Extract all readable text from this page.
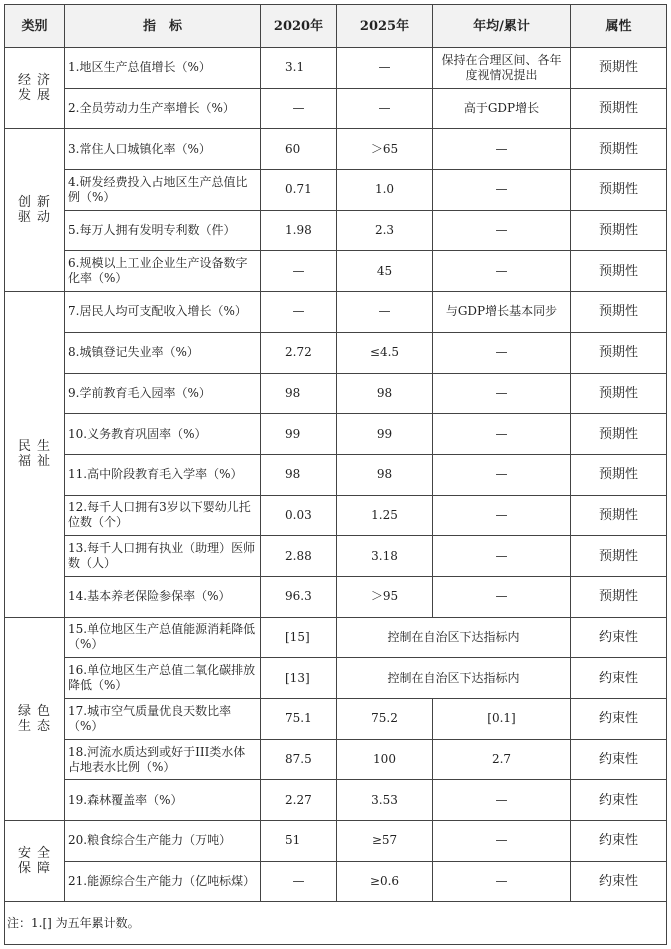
类别	指　标	2020年	2025年	年均/累计	属性
经济发展	1.地区生产总值增长（%）	3.1	—	保持在合理区间、各年度视情况提出	预期性
	2.全员劳动力生产率增长（%）	—	—	高于GDP增长	预期性
创新驱动	3.常住人口城镇化率（%）	60	＞65	—	预期性
	4.研发经费投入占地区生产总值比例（%）	0.71	1.0	—	预期性
	5.每万人拥有发明专利数（件）	1.98	2.3	—	预期性
	6.规模以上工业企业生产设备数字化率（%）	—	45	—	预期性
民生福祉	7.居民人均可支配收入增长（%）	—	—	与GDP增长基本同步	预期性
	8.城镇登记失业率（%）	2.72	≤4.5	—	预期性
	9.学前教育毛入园率（%）	98	98	—	预期性
	10.义务教育巩固率（%）	99	99	—	预期性
	11.高中阶段教育毛入学率（%）	98	98	—	预期性
	12.每千人口拥有3岁以下婴幼儿托位数（个）	0.03	1.25	—	预期性
	13.每千人口拥有执业（助理）医师数（人）	2.88	3.18	—	预期性
	14.基本养老保险参保率（%）	96.3	＞95	—	预期性
绿色生态	15.单位地区生产总值能源消耗降低（%）	[15]	控制在自治区下达指标内		约束性
	16.单位地区生产总值二氧化碳排放降低（%）	[13]	控制在自治区下达指标内		约束性
	17.城市空气质量优良天数比率（%）	75.1	75.2	[0.1]	约束性
	18.河流水质达到或好于III类水体占地表水比例（%）	87.5	100	2.7	约束性
	19.森林覆盖率（%）	2.27	3.53	—	约束性
安全保障	20.粮食综合生产能力（万吨）	51	≥57	—	约束性
	21.能源综合生产能力（亿吨标煤）	—	≥0.6	—	约束性
注：1.[] 为五年累计数。					
